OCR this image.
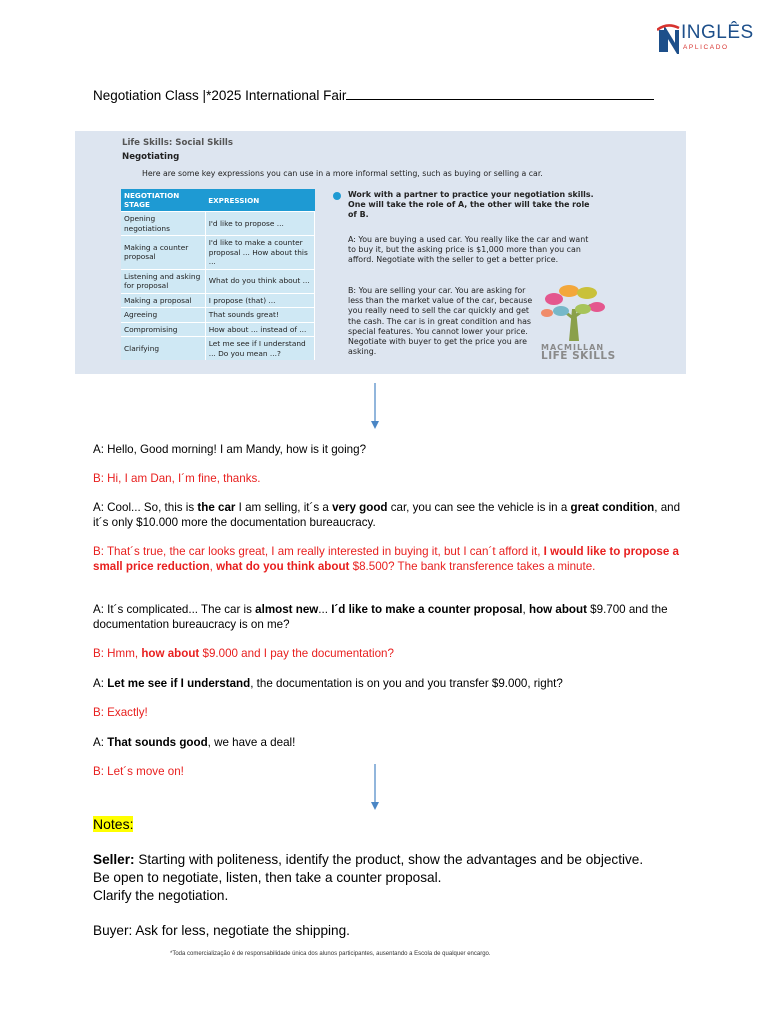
INGLÊS
APLICADO
Negotiation Class |*2025 International Fair
Life Skills: Social Skills
Negotiating
Here are some key expressions you can use in a more informal setting, such as buying or selling a car.
NEGOTIATION STAGE	EXPRESSION
Opening negotiations	I'd like to propose ...
Making a counter proposal	I'd like to make a counter proposal ... How about this ...
Listening and asking for proposal	What do you think about ...
Making a proposal	I propose (that) ...
Agreeing	That sounds great!
Compromising	How about ... instead of ...
Clarifying	Let me see if I understand ... Do you mean ...?
Work with a partner to practice your negotiation skills. One will take the role of A, the other will take the role of B.
A: You are buying a used car. You really like the car and want to buy it, but the asking price is $1,000 more than you can afford. Negotiate with the seller to get a better price.
B: You are selling your car. You are asking for less than the market value of the car, because you really need to sell the car quickly and get the cash. The car is in great condition and has special features. You cannot lower your price. Negotiate with buyer to get the price you are asking.	MACMILLAN
LIFE SKILLS
A: Hello, Good morning! I am Mandy, how is it going?
B: Hi, I am Dan, I´m fine, thanks.
A: Cool... So, this is the car I am selling, it´s a very good car, you can see the vehicle is in a great condition, and it´s only $10.000 more the documentation bureaucracy.
B: That´s true, the car looks great, I am really interested in buying it, but I can´t afford it, I would like to propose a small price reduction, what do you think about $8.500? The bank transference takes a minute.
A: It´s complicated... The car is almost new... I´d like to make a counter proposal, how about $9.700 and the documentation bureaucracy is on me?
B: Hmm, how about $9.000 and I pay the documentation?
A: Let me see if I understand, the documentation is on you and you transfer $9.000, right?
B: Exactly!
A: That sounds good, we have a deal!
B: Let´s move on!
Notes:
Seller: Starting with politeness, identify the product, show the advantages and be objective.
Be open to negotiate, listen, then take a counter proposal.
Clarify the negotiation.
Buyer: Ask for less, negotiate the shipping.
*Toda comercialização é de responsabilidade única dos alunos participantes, ausentando a Escola de qualquer encargo.
